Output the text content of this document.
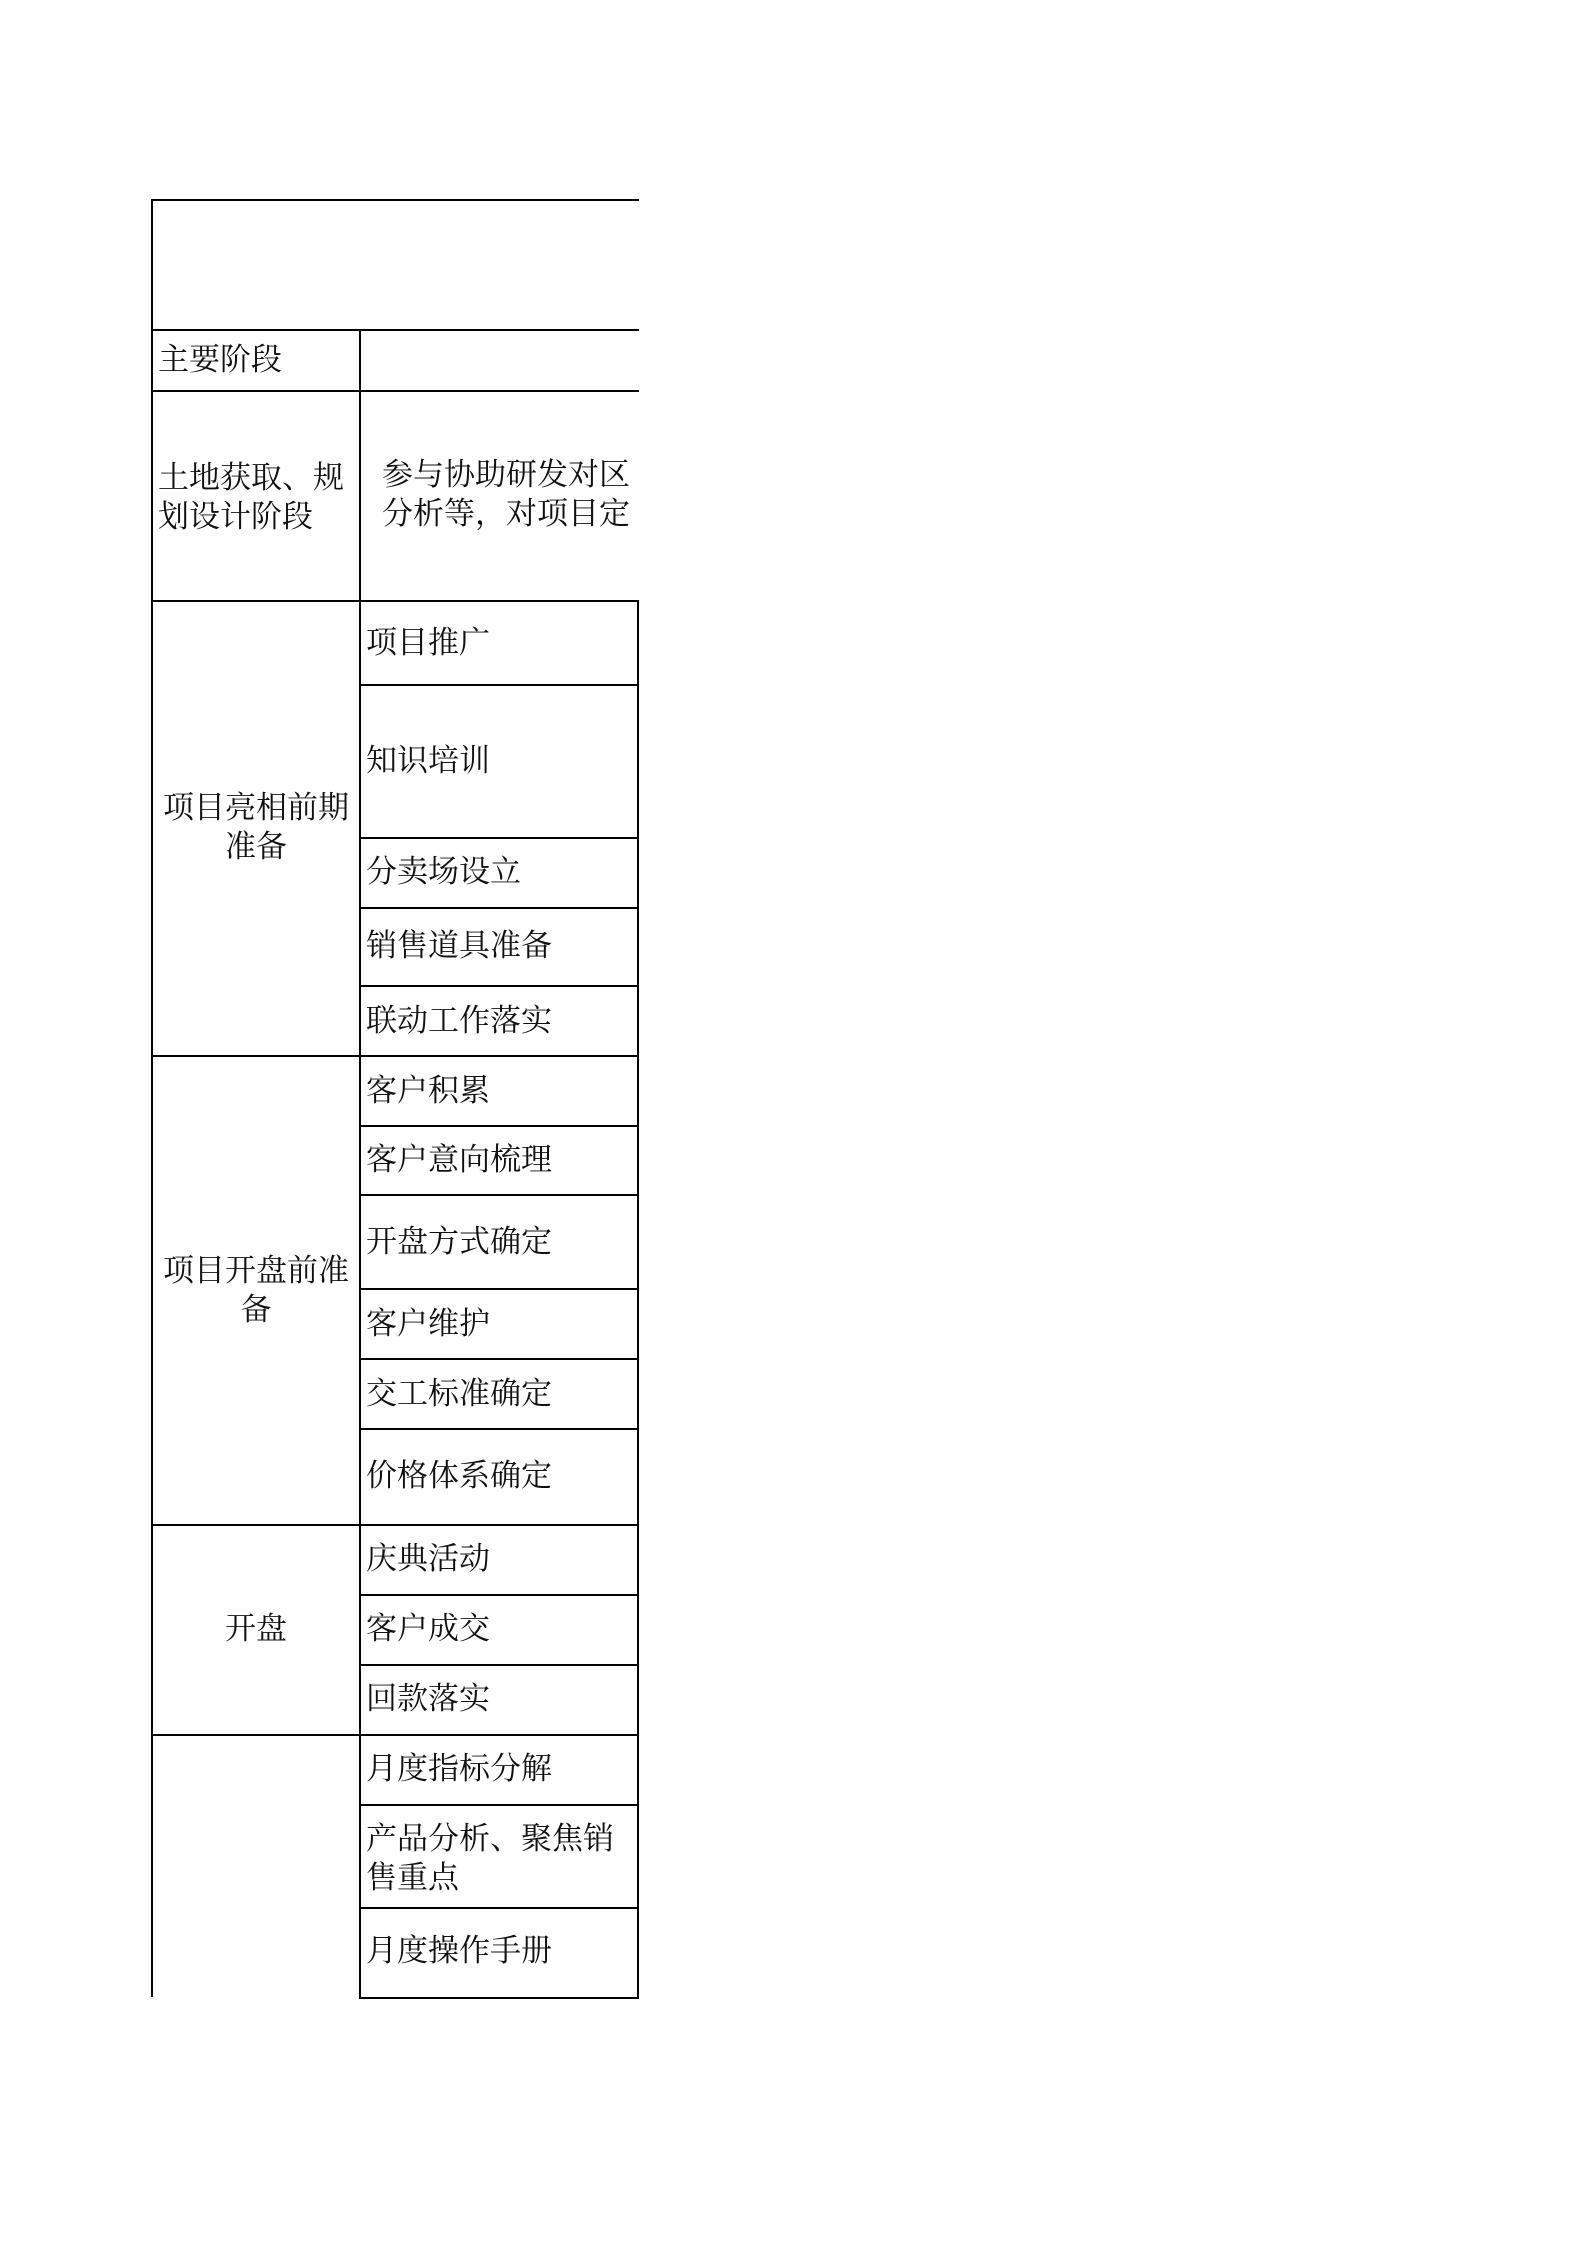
主要阶段
土地获取、规
划设计阶段
参与协助研发对区
分析等，对项目定
项目亮相前期
准备
项目推广
知识培训
分卖场设立
销售道具准备
联动工作落实
项目开盘前准
备
客户积累
客户意向梳理
开盘方式确定
客户维护
交工标准确定
价格体系确定
开盘
庆典活动
客户成交
回款落实
月度指标分解
产品分析、聚焦销
售重点
月度操作手册
